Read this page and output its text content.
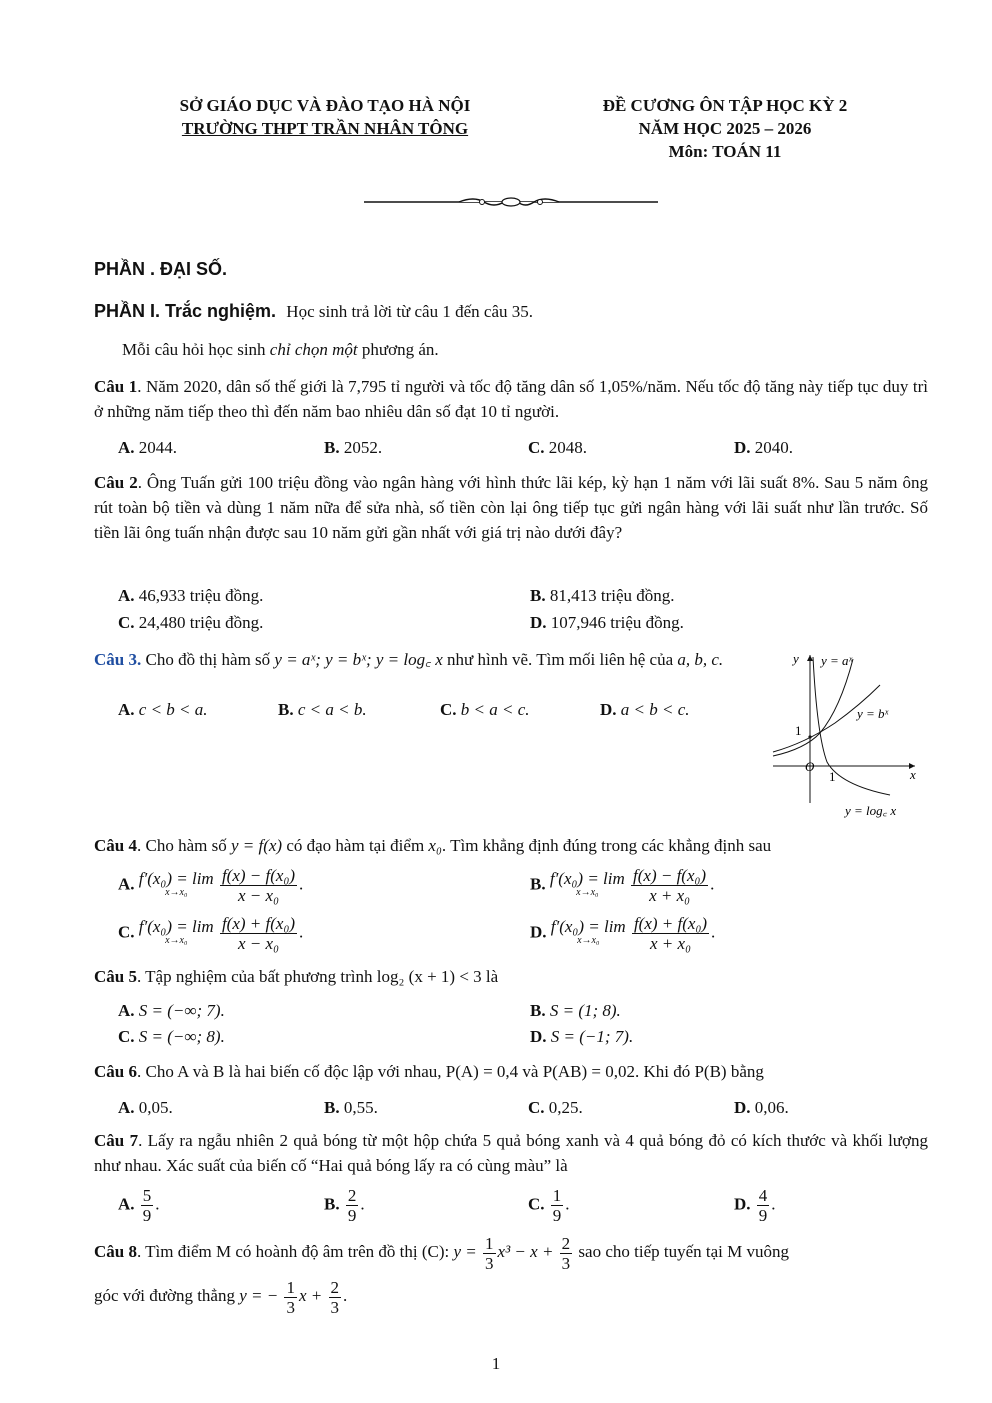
SỞ GIÁO DỤC VÀ ĐÀO TẠO HÀ NỘI
TRƯỜNG THPT TRẦN NHÂN TÔNG
ĐỀ CƯƠNG ÔN TẬP HỌC KỲ 2
NĂM HỌC 2025 – 2026
Môn: TOÁN 11
PHẦN . ĐẠI SỐ.
PHẦN I. Trắc nghiệm. Học sinh trả lời từ câu 1 đến câu 35.
Mỗi câu hỏi học sinh chỉ chọn một phương án.
Câu 1. Năm 2020, dân số thế giới là 7,795 tỉ người và tốc độ tăng dân số 1,05%/năm. Nếu tốc độ tăng này tiếp tục duy trì ở những năm tiếp theo thì đến năm bao nhiêu dân số đạt 10 tỉ người.
A. 2044.	B. 2052.	C. 2048.	D. 2040.
Câu 2. Ông Tuấn gửi 100 triệu đồng vào ngân hàng với hình thức lãi kép, kỳ hạn 1 năm với lãi suất 8%. Sau 5 năm ông rút toàn bộ tiền và dùng 1 năm nữa để sửa nhà, số tiền còn lại ông tiếp tục gửi ngân hàng với lãi suất như lần trước. Số tiền lãi ông tuấn nhận được sau 10 năm gửi gần nhất với giá trị nào dưới đây?
A. 46,933 triệu đồng.	B. 81,413 triệu đồng.
C. 24,480 triệu đồng.	D. 107,946 triệu đồng.
Câu 3. Cho đồ thị hàm số y = aˣ; y = bˣ; y = log꜀ x như hình vẽ. Tìm mối liên hệ của a, b, c.
A. c < b < a.	B. c < a < b.	C. b < a < c.	D. a < b < c.
y
x
y = aˣ
y = bˣ
y = log꜀ x
1
1
O
Câu 4. Cho hàm số y = f(x) có đạo hàm tại điểm x₀. Tìm khẳng định đúng trong các khẳng định sau
A. f′(x₀) = lim
x→x₀
	$\frac{\text{f(x) − f(x₀)}}{\text{x − x₀}}$ .	B. f′(x₀) = lim
x→x₀
	$\frac{\text{f(x) − f(x₀)}}{\text{x + x₀}}$ .
C. f′(x₀) = lim
x→x₀
	$\frac{\text{f(x) + f(x₀)}}{\text{x − x₀}}$ .	D. f′(x₀) = lim
x→x₀
	$\frac{\text{f(x) + f(x₀)}}{\text{x + x₀}}$ .
Câu 5. Tập nghiệm của bất phương trình log₂ (x + 1) < 3 là
A. S = (−∞; 7).	B. S = (1; 8).
C. S = (−∞; 8).	D. S = (−1; 7).
Câu 6. Cho A và B là hai biến cố độc lập với nhau, P(A) = 0,4 và P(AB) = 0,02. Khi đó P(B) bằng
A. 0,05.	B. 0,55.	C. 0,25.	D. 0,06.
Câu 7. Lấy ra ngẫu nhiên 2 quả bóng từ một hộp chứa 5 quả bóng xanh và 4 quả bóng đỏ có kích thước và khối lượng như nhau. Xác suất của biến cố “Hai quả bóng lấy ra có cùng màu” là
A. $\frac{5}{9}$ .	B. $\frac{2}{9}$ .	C. $\frac{1}{9}$ .	D. $\frac{4}{9}$ .
Câu 8. Tìm điểm M có hoành độ âm trên đồ thị (C): $y = \frac{1}{3} x^3 - x + \frac{2}{3}$ sao cho tiếp tuyến tại M vuông
góc với đường thẳng y = − $\frac{1}{3}$ $x + \frac{2}{3}$ .
1
